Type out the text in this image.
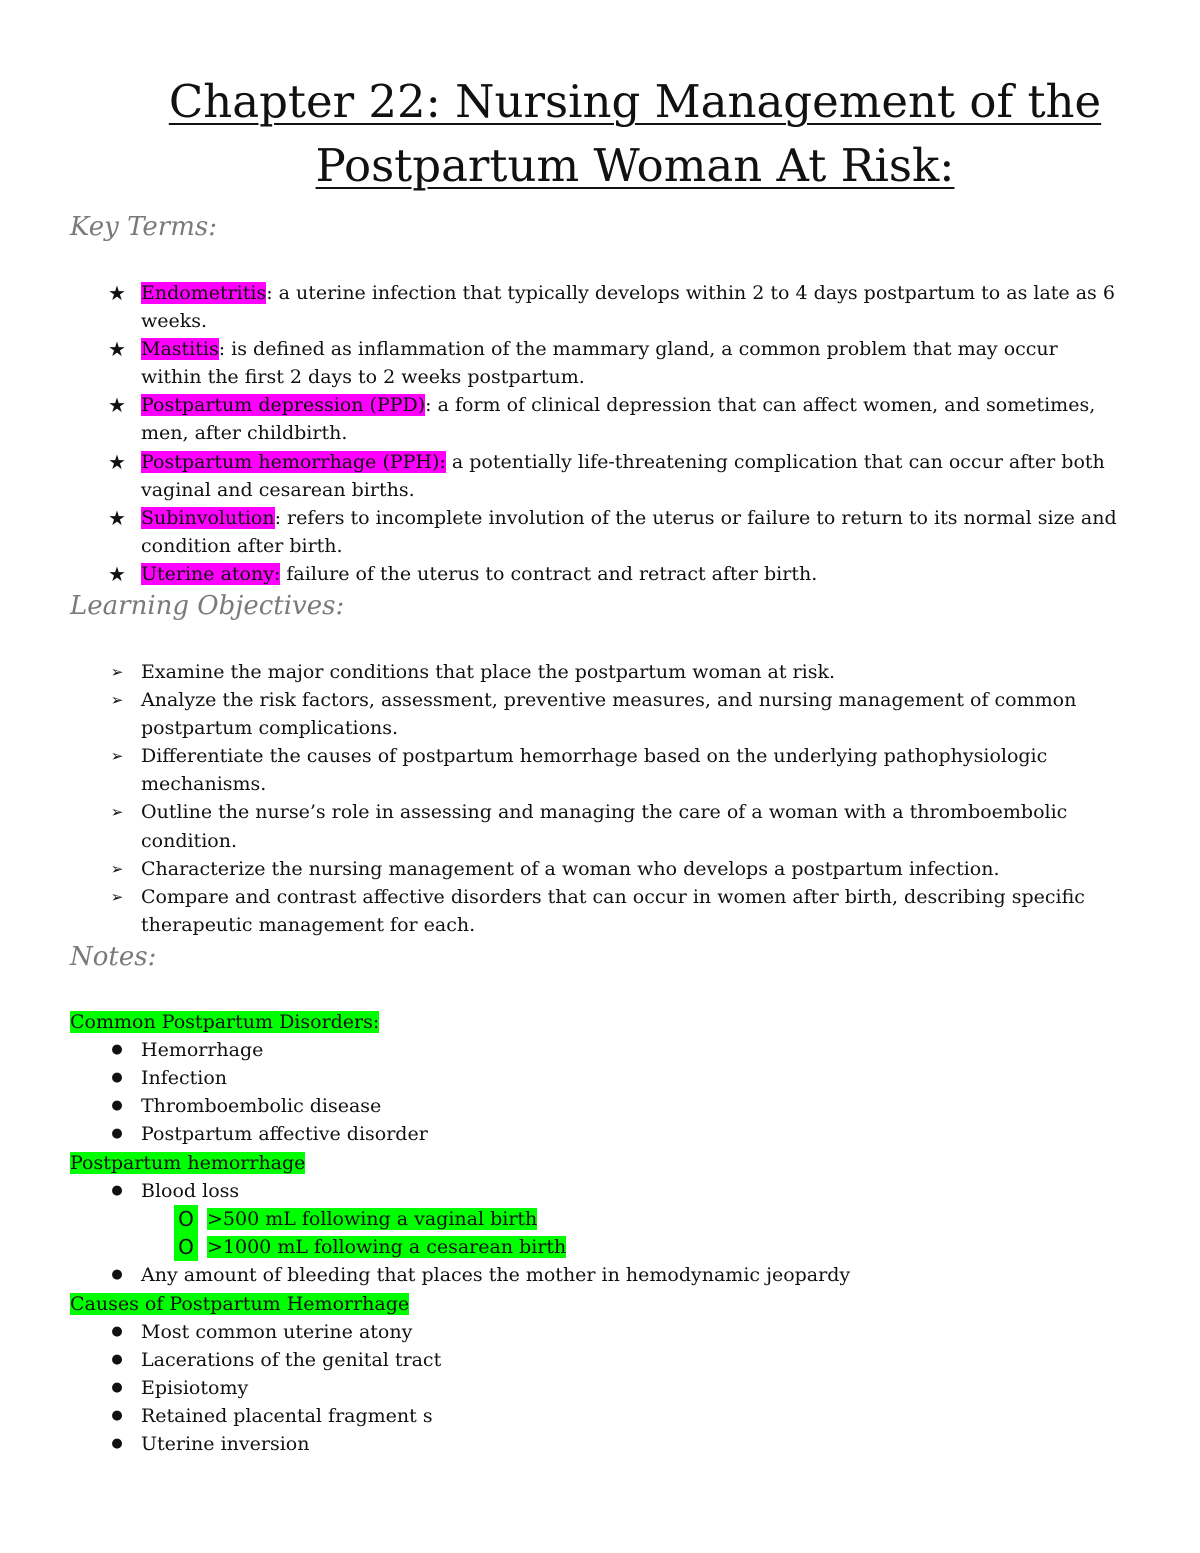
Chapter 22: Nursing Management of the
Postpartum Woman At Risk:
Key Terms:
★ Endometritis: a uterine infection that typically develops within 2 to 4 days postpartum to as late as 6 weeks.
★ Mastitis: is defined as inflammation of the mammary gland, a common problem that may occur within the first 2 days to 2 weeks postpartum.
★ Postpartum depression (PPD): a form of clinical depression that can affect women, and sometimes, men, after childbirth.
★ Postpartum hemorrhage (PPH): a potentially life-threatening complication that can occur after both vaginal and cesarean births.
★ Subinvolution: refers to incomplete involution of the uterus or failure to return to its normal size and condition after birth.
★ Uterine atony: failure of the uterus to contract and retract after birth.
Learning Objectives:
➢ Examine the major conditions that place the postpartum woman at risk.
➢ Analyze the risk factors, assessment, preventive measures, and nursing management of common postpartum complications.
➢ Differentiate the causes of postpartum hemorrhage based on the underlying pathophysiologic mechanisms.
➢ Outline the nurse’s role in assessing and managing the care of a woman with a thromboembolic condition.
➢ Characterize the nursing management of a woman who develops a postpartum infection.
➢ Compare and contrast affective disorders that can occur in women after birth, describing specific therapeutic management for each.
Notes:
Common Postpartum Disorders:
● Hemorrhage
● Infection
● Thromboembolic disease
● Postpartum affective disorder
Postpartum hemorrhage
● Blood loss
O >500 mL following a vaginal birth
O >1000 mL following a cesarean birth
● Any amount of bleeding that places the mother in hemodynamic jeopardy
Causes of Postpartum Hemorrhage
● Most common uterine atony
● Lacerations of the genital tract
● Episiotomy
● Retained placental fragment s
● Uterine inversion
